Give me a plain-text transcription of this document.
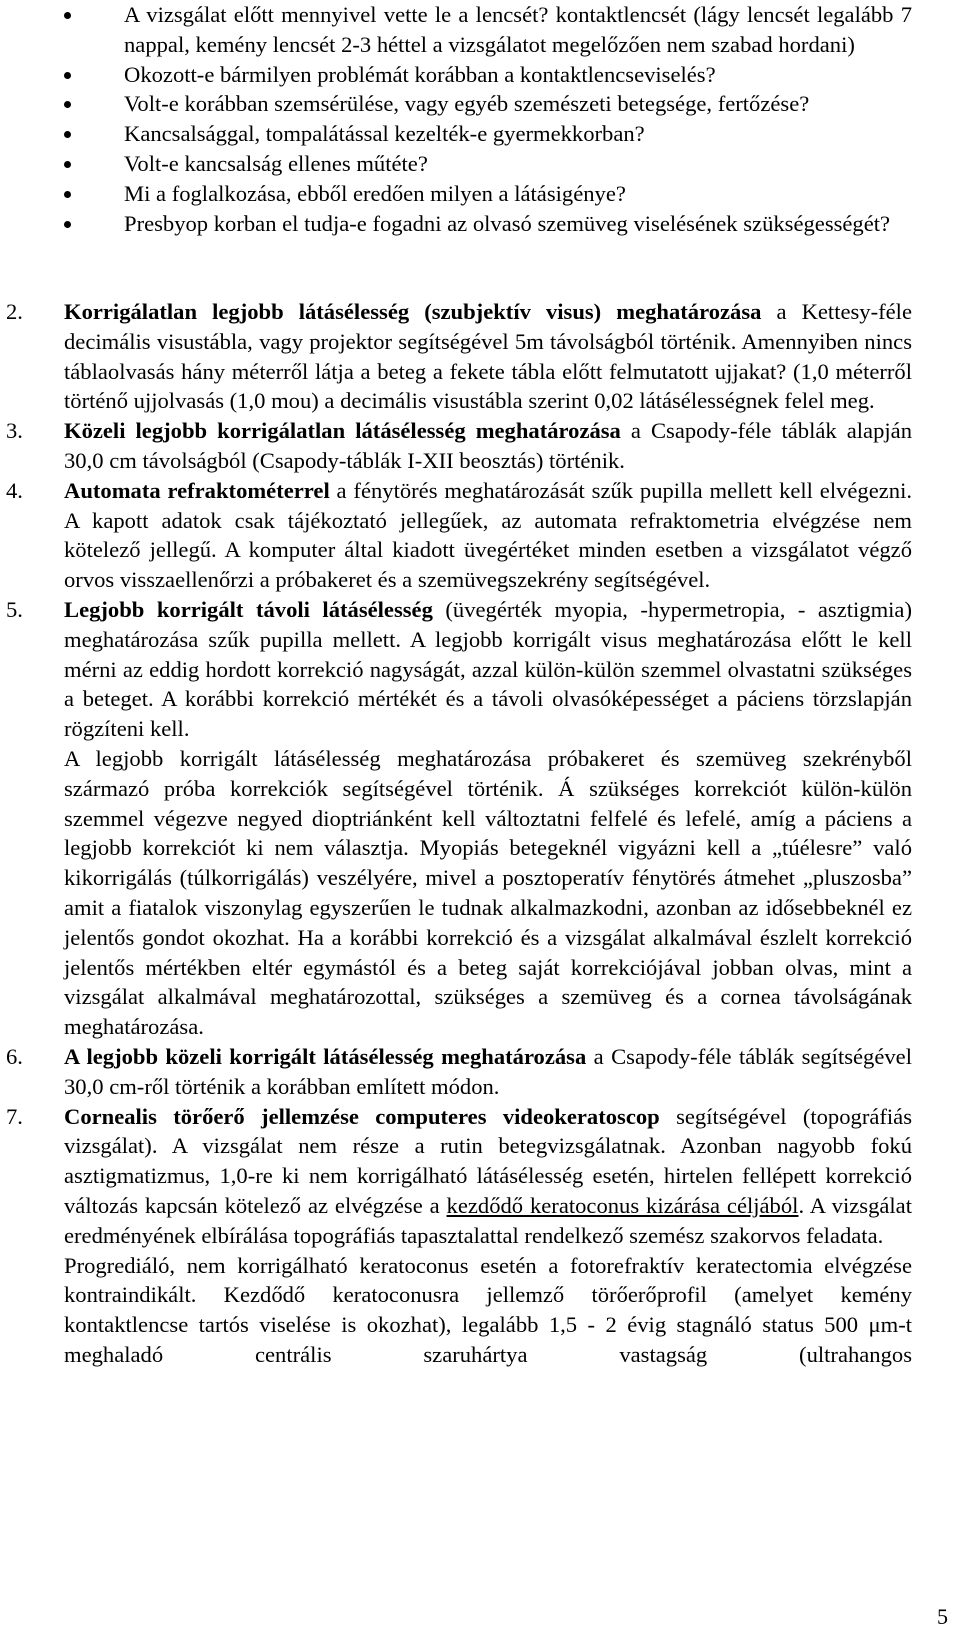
A vizsgálat előtt mennyivel vette le a lencsét? kontaktlencsét (lágy lencsét legalább 7 nappal, kemény lencsét 2-3 héttel a vizsgálatot megelőzően nem szabad hordani)
Okozott-e bármilyen problémát korábban a kontaktlencseviselés?
Volt-e korábban szemsérülése, vagy egyéb szemészeti betegsége, fertőzése?
Kancsalsággal, tompalátással kezelték-e gyermekkorban?
Volt-e kancsalság ellenes műtéte?
Mi a foglalkozása, ebből eredően milyen a látásigénye?
Presbyop korban el tudja-e fogadni az olvasó szemüveg viselésének szükségességét?
2. Korrigálatlan legjobb látásélesség (szubjektív visus) meghatározása a Kettesy-féle decimális visustábla, vagy projektor segítségével 5m távolságból történik. Amennyiben nincs táblaolvasás hány méterről látja a beteg a fekete tábla előtt felmutatott ujjakat? (1,0 méterről történő ujjolvasás (1,0 mou) a decimális visustábla szerint 0,02 látásélességnek felel meg.

3. Közeli legjobb korrigálatlan látásélesség meghatározása a Csapody-féle táblák alapján 30,0 cm távolságból (Csapody-táblák I-XII beosztás) történik.

4. Automata refraktométerrel a fénytörés meghatározását szűk pupilla mellett kell elvégezni. A kapott adatok csak tájékoztató jellegűek, az automata refraktometria elvégzése nem kötelező jellegű. A komputer által kiadott üvegértéket minden esetben a vizsgálatot végző orvos visszaellenőrzi a próbakeret és a szemüvegszekrény segítségével.

5. Legjobb korrigált távoli látásélesség (üvegérték myopia, -hypermetropia, - asztigmia) meghatározása szűk pupilla mellett. A legjobb korrigált visus meghatározása előtt le kell mérni az eddig hordott korrekció nagyságát, azzal külön-külön szemmel olvastatni szükséges a beteget. A korábbi korrekció mértékét és a távoli olvasóképességet a páciens törzslapján rögzíteni kell.

A legjobb korrigált látásélesség meghatározása próbakeret és szemüveg szekrényből származó próba korrekciók segítségével történik. Á szükséges korrekciót külön-külön szemmel végezve negyed dioptriánként kell változtatni felfelé és lefelé, amíg a páciens a legjobb korrekciót ki nem választja. Myopiás betegeknél vigyázni kell a „túélesre” való kikorrigálás (túlkorrigálás) veszélyére, mivel a posztoperatív fénytörés átmehet „pluszosba” amit a fiatalok viszonylag egyszerűen le tudnak alkalmazkodni, azonban az idősebbeknél ez jelentős gondot okozhat. Ha a korábbi korrekció és a vizsgálat alkalmával észlelt korrekció jelentős mértékben eltér egymástól és a beteg saját korrekciójával jobban olvas, mint a vizsgálat alkalmával meghatározottal, szükséges a szemüveg és a cornea távolságának meghatározása.

6. A legjobb közeli korrigált látásélesség meghatározása a Csapody-féle táblák segítségével 30,0 cm-ről történik a korábban említett módon.

7. Cornealis törőerő jellemzése computeres videokeratoscop segítségével (topográfiás vizsgálat). A vizsgálat nem része a rutin betegvizsgálatnak. Azonban nagyobb fokú asztigmatizmus, 1,0-re ki nem korrigálható látásélesség esetén, hirtelen fellépett korrekció változás kapcsán kötelező az elvégzése a kezdődő keratoconus kizárása céljából. A vizsgálat eredményének elbírálása topográfiás tapasztalattal rendelkező szemész szakorvos feladata.

Progrediáló, nem korrigálható keratoconus esetén a fotorefraktív keratectomia elvégzése kontraindikált. Kezdődő keratoconusra jellemző törőerőprofil (amelyet kemény kontaktlencse tartós viselése is okozhat), legalább 1,5 - 2 évig stagnáló status 500 μm-t meghaladó centrális szaruhártya vastagság (ultrahangos

5
